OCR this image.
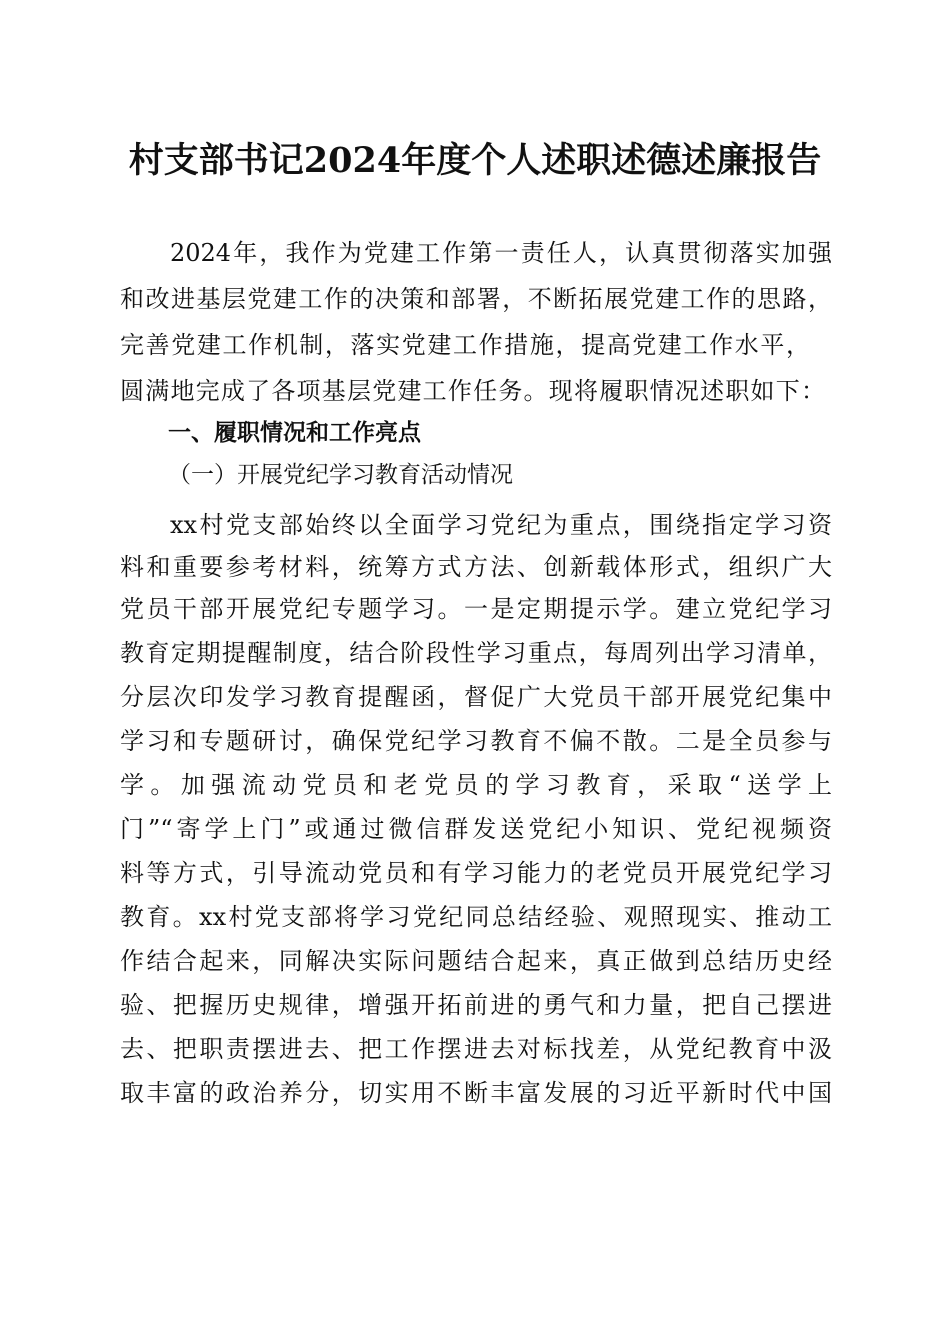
村支部书记2024年度个人述职述德述廉报告
2024年，我作为党建工作第一责任人，认真贯彻落实加强
和改进基层党建工作的决策和部署，不断拓展党建工作的思路，
完善党建工作机制，落实党建工作措施，提高党建工作水平，
圆满地完成了各项基层党建工作任务。现将履职情况述职如下：
一、履职情况和工作亮点
（一）开展党纪学习教育活动情况
xx村党支部始终以全面学习党纪为重点，围绕指定学习资
料和重要参考材料，统筹方式方法、创新载体形式，组织广大
党员干部开展党纪专题学习。一是定期提示学。建立党纪学习
教育定期提醒制度，结合阶段性学习重点，每周列出学习清单，
分层次印发学习教育提醒函，督促广大党员干部开展党纪集中
学习和专题研讨，确保党纪学习教育不偏不散。二是全员参与
学。加强流动党员和老党员的学习教育，采取“送学上
门”“寄学上门”或通过微信群发送党纪小知识、党纪视频资
料等方式，引导流动党员和有学习能力的老党员开展党纪学习
教育。xx村党支部将学习党纪同总结经验、观照现实、推动工
作结合起来，同解决实际问题结合起来，真正做到总结历史经
验、把握历史规律，增强开拓前进的勇气和力量，把自己摆进
去、把职责摆进去、把工作摆进去对标找差，从党纪教育中汲
取丰富的政治养分，切实用不断丰富发展的习近平新时代中国
